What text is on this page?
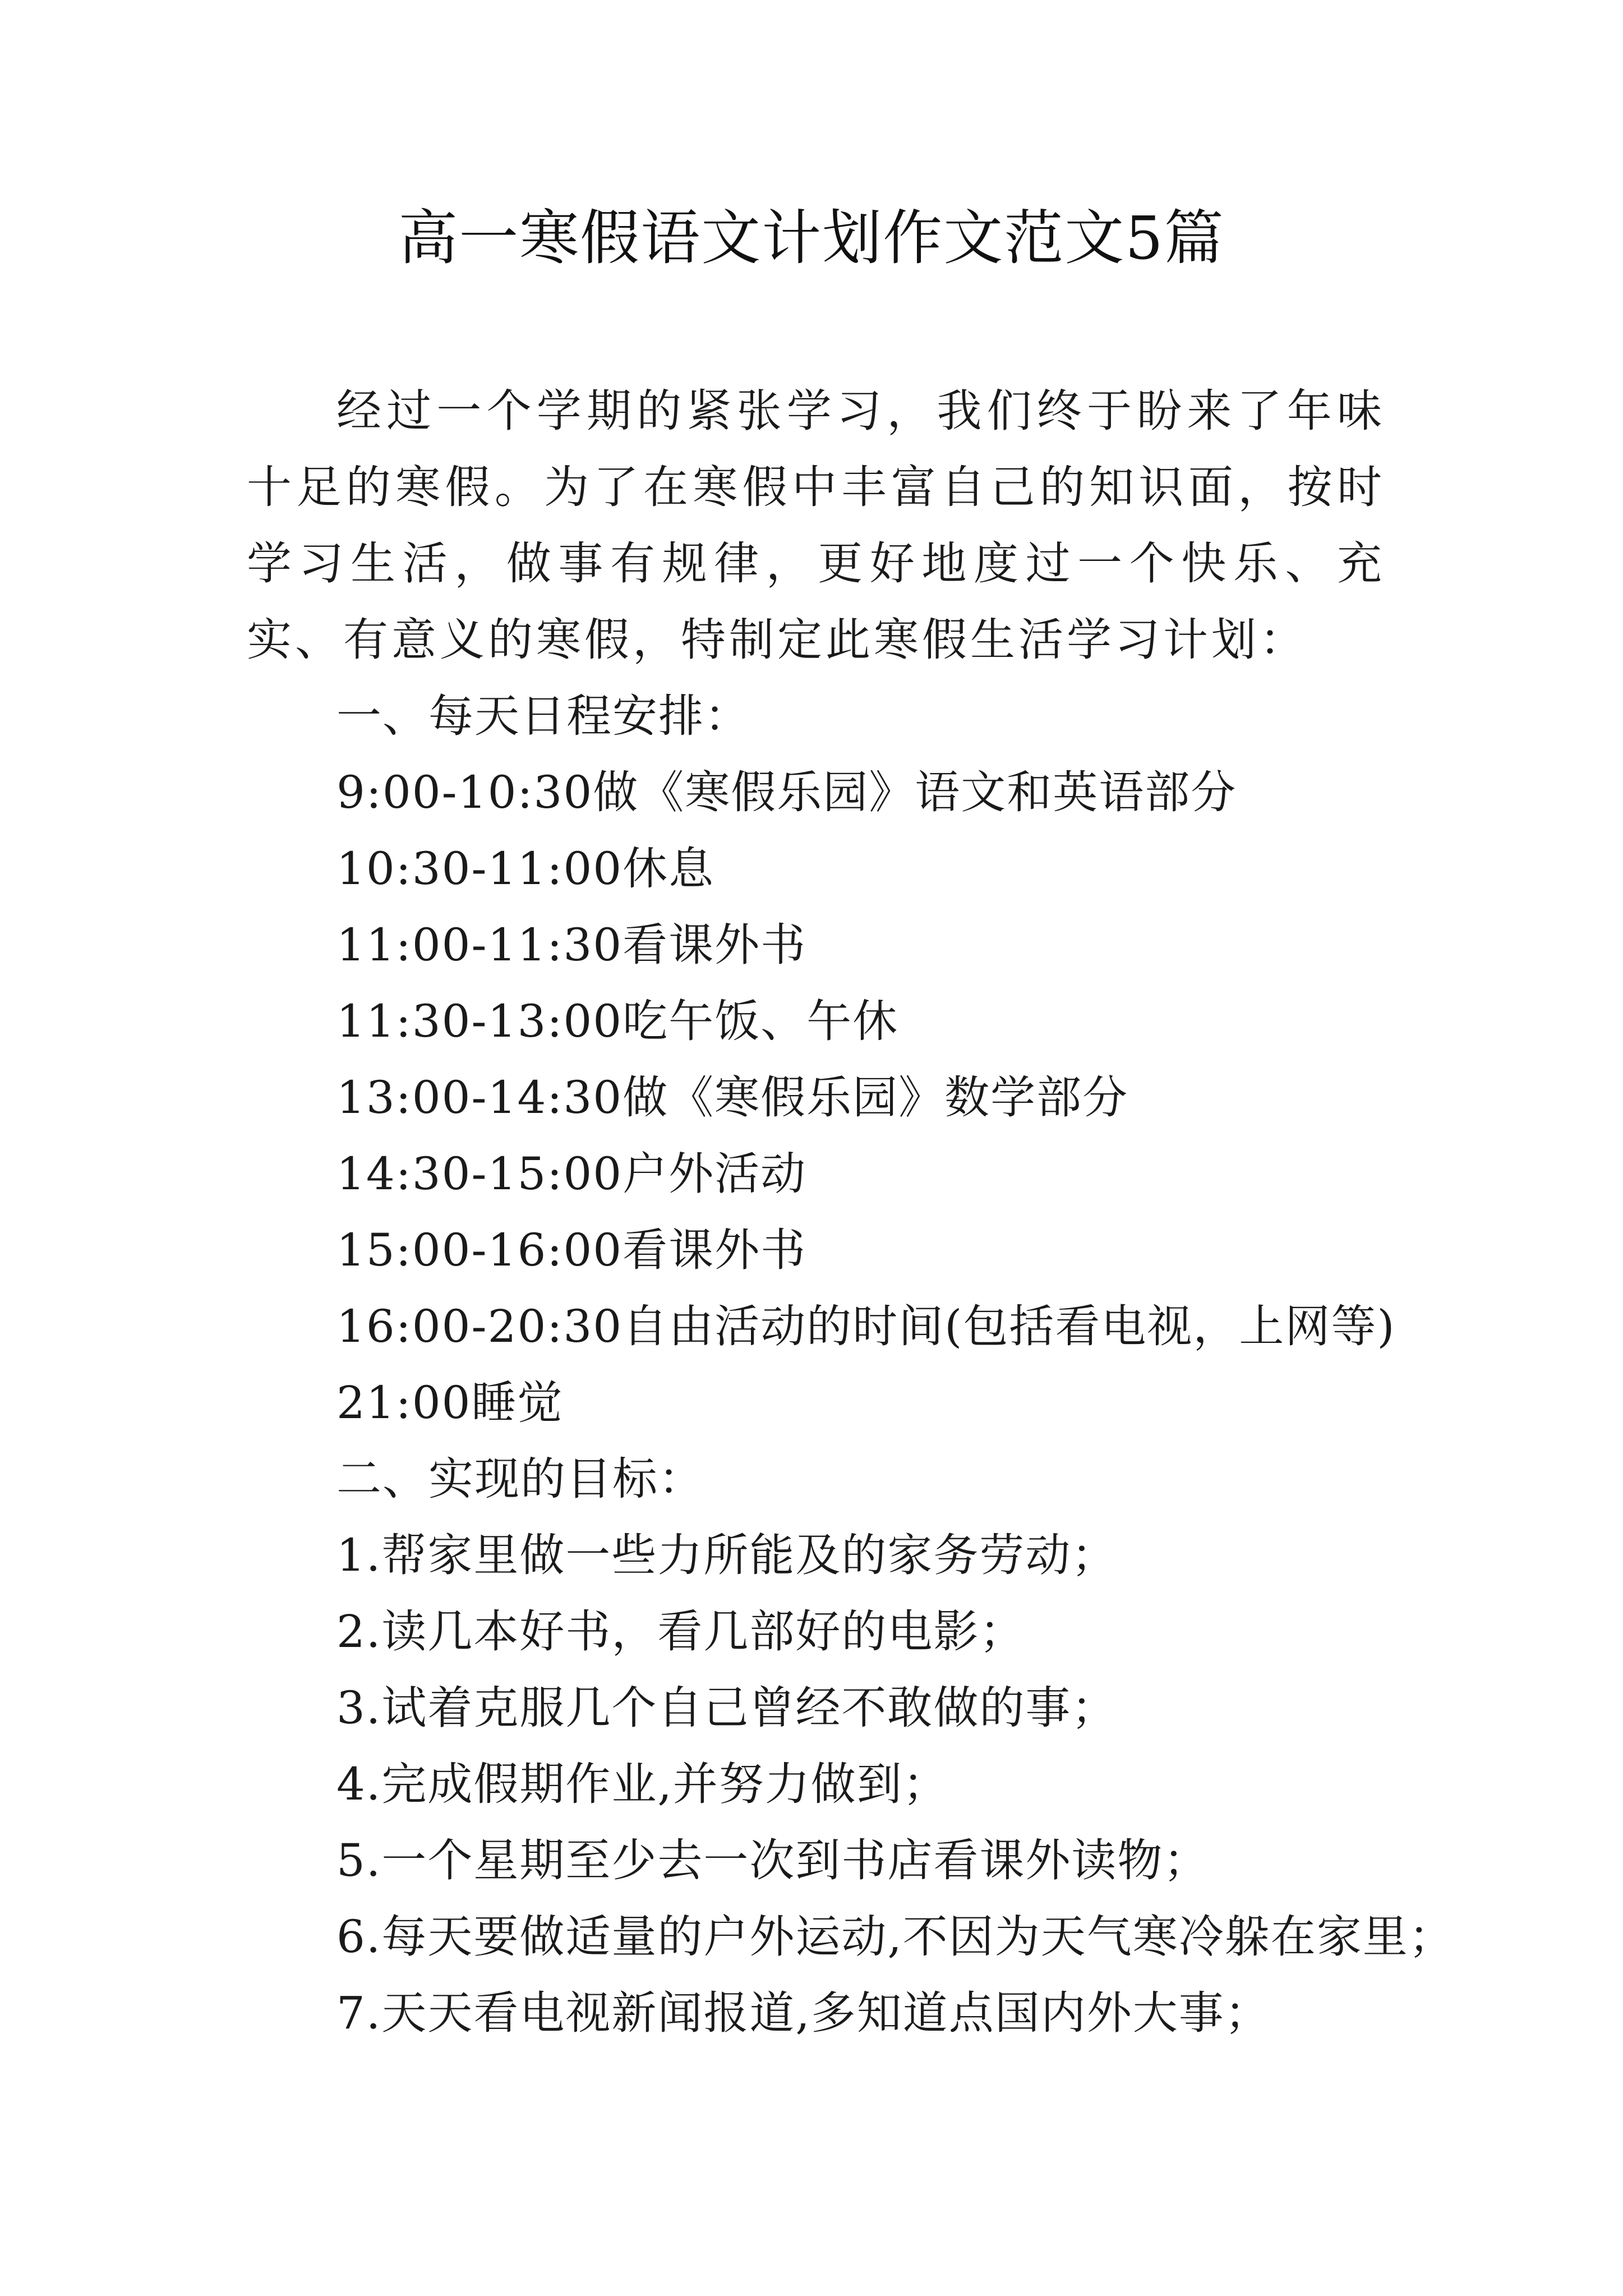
高一寒假语文计划作文范文5篇

经过一个学期的紧张学习，我们终于盼来了年味十足的寒假。为了在寒假中丰富自己的知识面，按时学习生活，做事有规律，更好地度过一个快乐、充实、有意义的寒假，特制定此寒假生活学习计划：

一、每天日程安排：
9:00-10:30做《寒假乐园》语文和英语部分
10:30-11:00休息
11:00-11:30看课外书
11:30-13:00吃午饭、午休
13:00-14:30做《寒假乐园》数学部分
14:30-15:00户外活动
15:00-16:00看课外书
16:00-20:30自由活动的时间(包括看电视，上网等)
21:00睡觉
二、实现的目标：
1.帮家里做一些力所能及的家务劳动；
2.读几本好书，看几部好的电影；
3.试着克服几个自己曾经不敢做的事；
4.完成假期作业,并努力做到；
5.一个星期至少去一次到书店看课外读物；
6.每天要做适量的户外运动,不因为天气寒冷躲在家里；
7.天天看电视新闻报道,多知道点国内外大事；
